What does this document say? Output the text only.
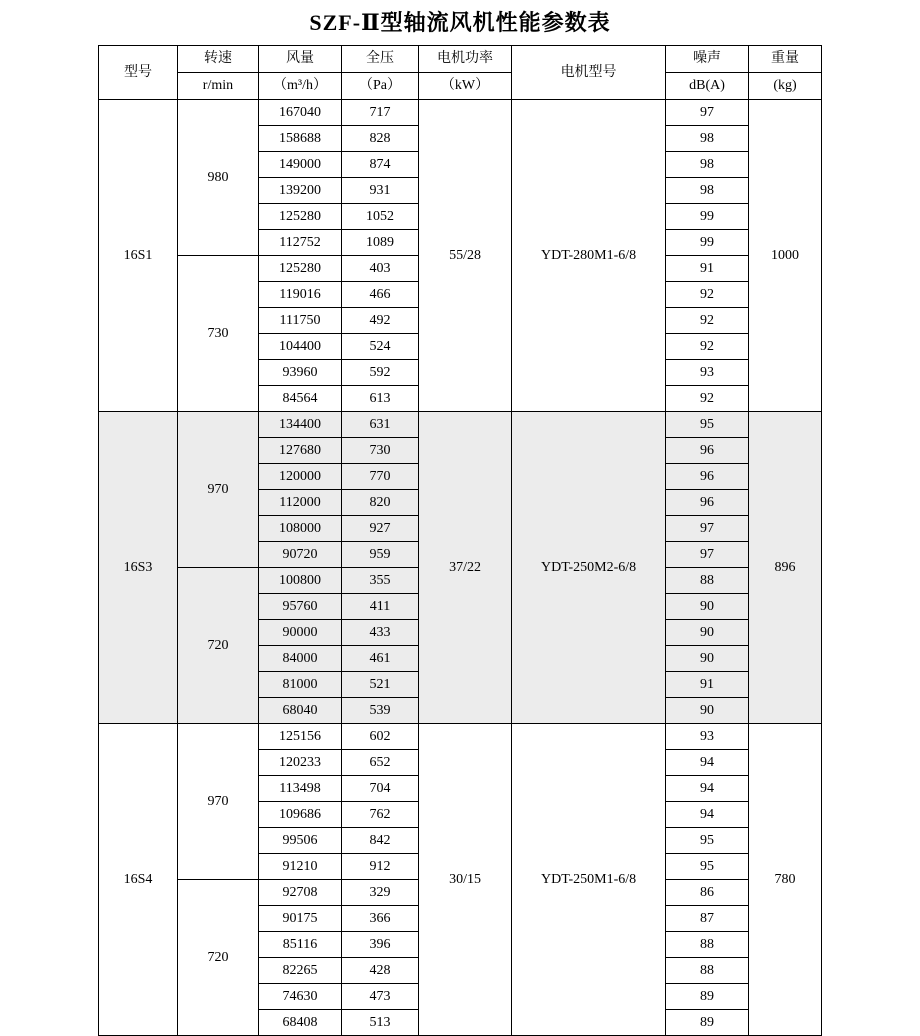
SZF-Ⅱ型轴流风机性能参数表
型号	转速	风量	全压	电机功率	电机型号	噪声	重量
	r/min	（m³/h）	（Pa）	（kW）		dB(A)	(kg)
16S1	980	167040	717	55/28	YDT-280M1-6/8	97	1000
		158688	828			98	
		149000	874			98	
		139200	931			98	
		125280	1052			99	
		112752	1089			99	
	730	125280	403			91	
		119016	466			92	
		111750	492			92	
		104400	524			92	
		93960	592			93	
		84564	613			92	
16S3	970	134400	631	37/22	YDT-250M2-6/8	95	896
		127680	730			96	
		120000	770			96	
		112000	820			96	
		108000	927			97	
		90720	959			97	
	720	100800	355			88	
		95760	411			90	
		90000	433			90	
		84000	461			90	
		81000	521			91	
		68040	539			90	
16S4	970	125156	602	30/15	YDT-250M1-6/8	93	780
		120233	652			94	
		113498	704			94	
		109686	762			94	
		99506	842			95	
		91210	912			95	
	720	92708	329			86	
		90175	366			87	
		85116	396			88	
		82265	428			88	
		74630	473			89	
		68408	513			89	
